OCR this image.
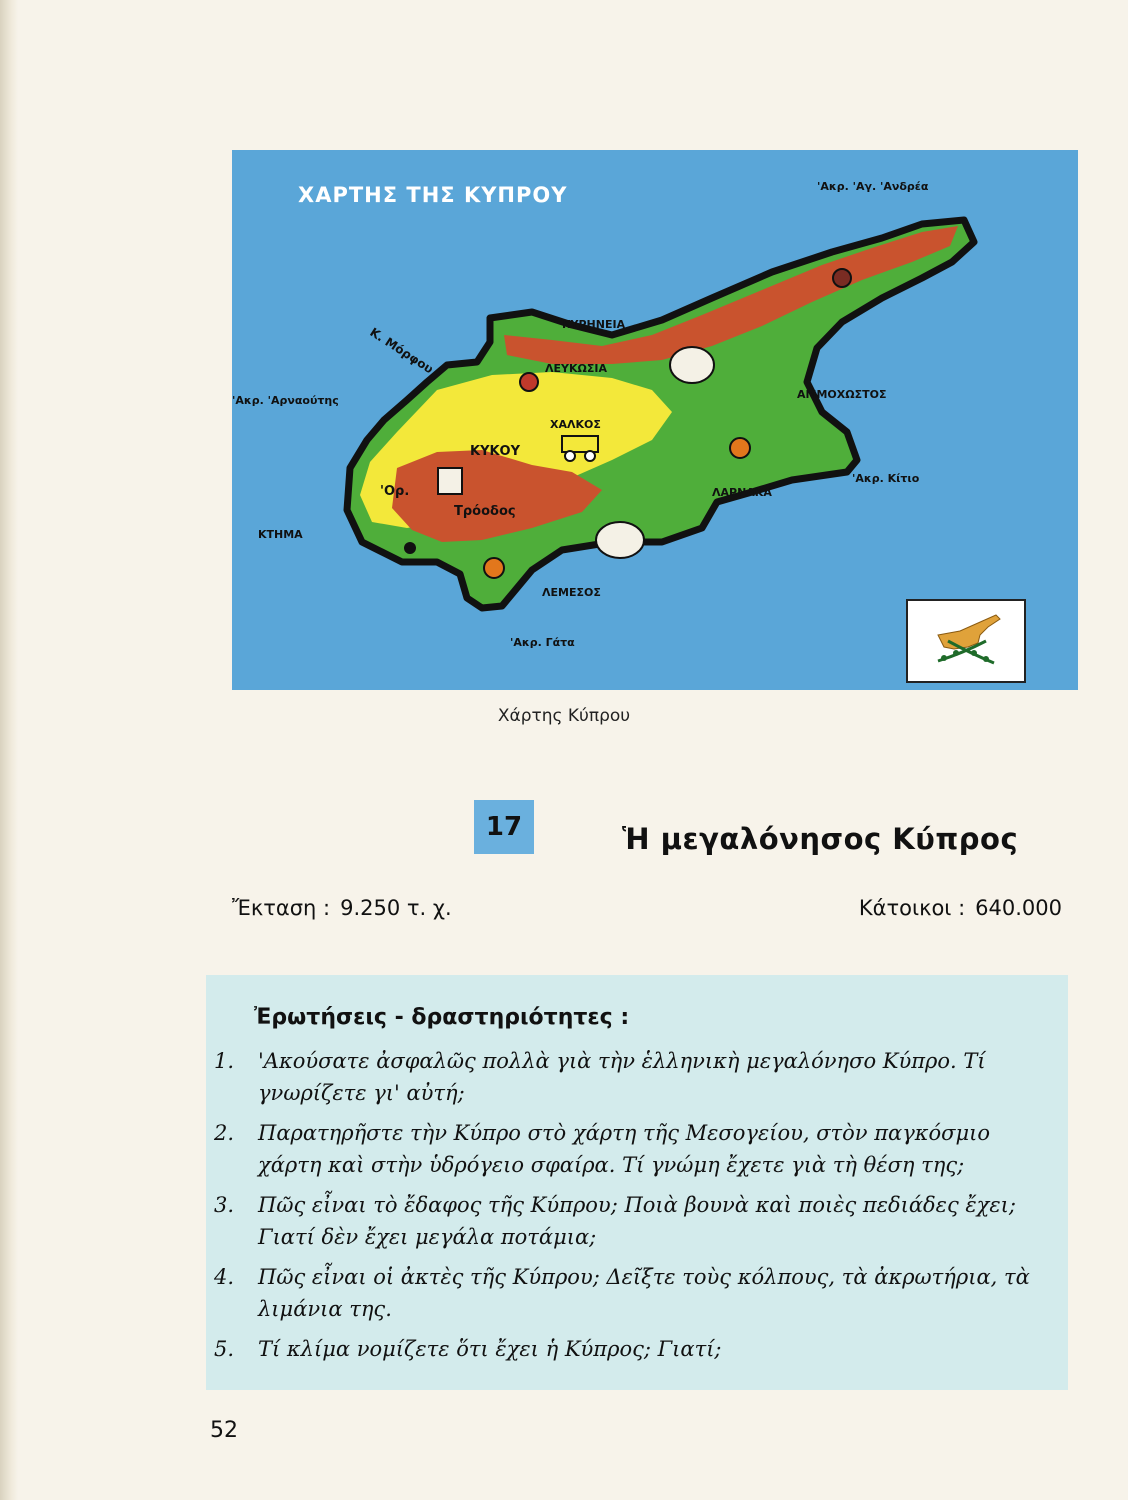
ΧΑΡΤΗΣ ΤΗΣ ΚΥΠΡΟΥ	'Ακρ. 'Αγ. 'Ανδρέα
ΚΥΡΗΝΕΙΑ
ΛΕΥΚΩΣΙΑ
Κ. Μόρφου
'Ακρ. 'Αρναούτης	ΑΜΜΟΧΩΣΤΟΣ
ΧΑΛΚΟΣ
ΚΥΚΟΥ
'Ακρ. Κίτιο
ΛΑΡΝΑΚΑ
'Ορ.
Τρόοδος
ΚΤΗΜΑ
ΛΕΜΕΣΟΣ
'Ακρ. Γάτα
Χάρτης Κύπρου
17	Ἡ μεγαλόνησος Κύπρος
Ἔκταση : 9.250 τ. χ.	Κάτοικοι : 640.000
Ἐρωτήσεις - δραστηριότητες :
1.	'Ακούσατε ἀσφαλῶς πολλὰ γιὰ τὴν ἑλληνικὴ μεγαλόνησο Κύπρο. Τί γνωρίζετε γι' αὐτή;
2.	Παρατηρῆστε τὴν Κύπρο στὸ χάρτη τῆς Μεσογείου, στὸν παγκόσμιο χάρτη καὶ στὴν ὑδρόγειο σφαίρα. Τί γνώμη ἔχετε γιὰ τὴ θέση της;
3.	Πῶς εἶναι τὸ ἔδαφος τῆς Κύπρου; Ποιὰ βουνὰ καὶ ποιὲς πεδιάδες ἔχει; Γιατί δὲν ἔχει μεγάλα ποτάμια;
4.	Πῶς εἶναι οἱ ἀκτὲς τῆς Κύπρου; Δεῖξτε τοὺς κόλπους, τὰ ἀκρωτήρια, τὰ λιμάνια της.
5.	Τί κλίμα νομίζετε ὅτι ἔχει ἡ Κύπρος; Γιατί;
52
